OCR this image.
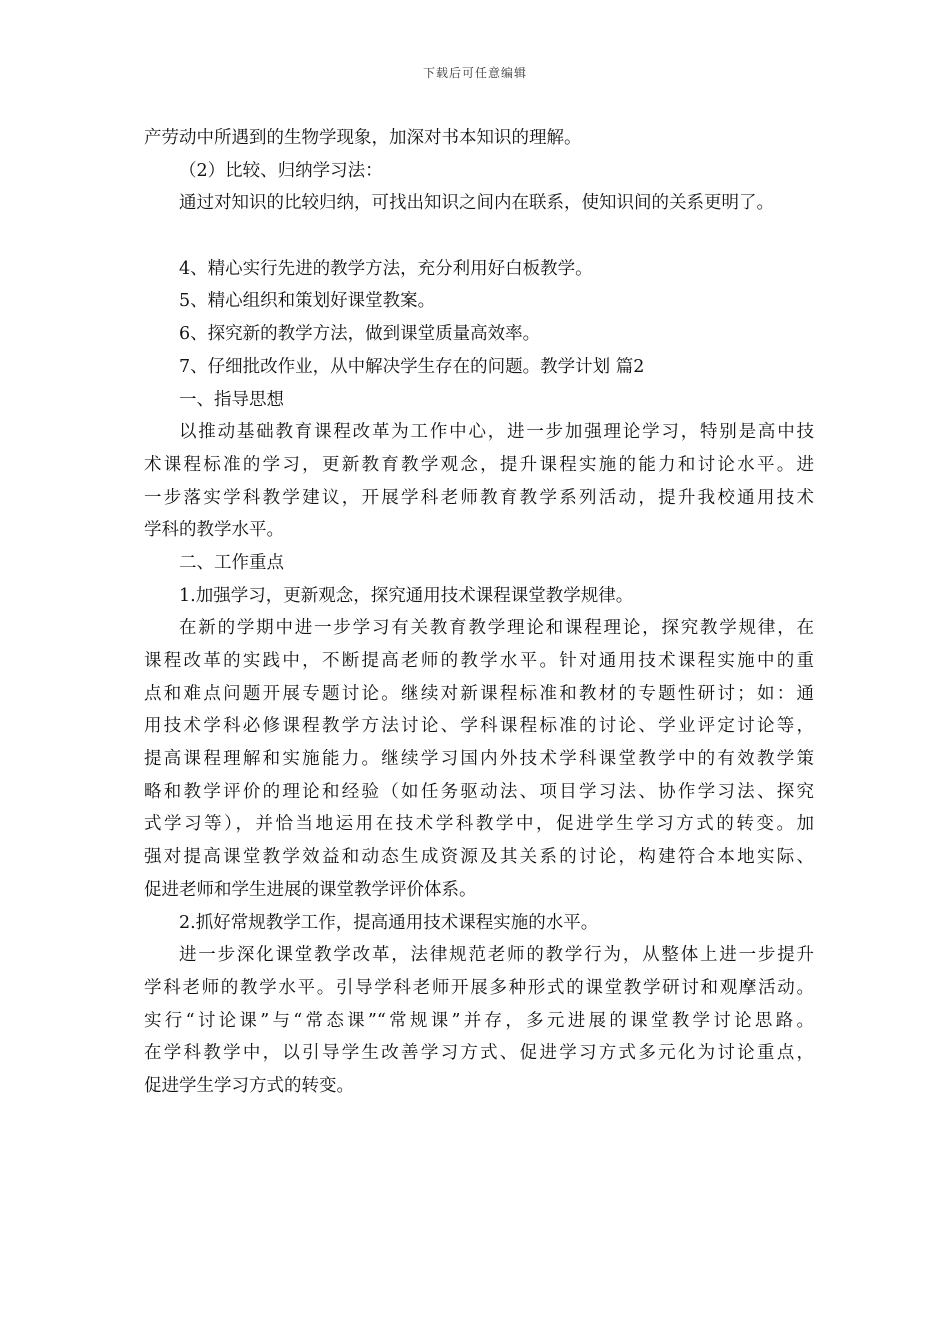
下载后可任意编辑
产劳动中所遇到的生物学现象，加深对书本知识的理解。
（2）比较、归纳学习法：
通过对知识的比较归纳，可找出知识之间内在联系，使知识间的关系更明了。
4、精心实行先进的教学方法，充分利用好白板教学。
5、精心组织和策划好课堂教案。
6、探究新的教学方法，做到课堂质量高效率。
7、仔细批改作业，从中解决学生存在的问题。教学计划 篇2
一、指导思想
以推动基础教育课程改革为工作中心，进一步加强理论学习，特别是高中技
术课程标准的学习，更新教育教学观念，提升课程实施的能力和讨论水平。进
一步落实学科教学建议，开展学科老师教育教学系列活动，提升我校通用技术
学科的教学水平。
二、工作重点
1.加强学习，更新观念，探究通用技术课程课堂教学规律。
在新的学期中进一步学习有关教育教学理论和课程理论，探究教学规律，在
课程改革的实践中，不断提高老师的教学水平。针对通用技术课程实施中的重
点和难点问题开展专题讨论。继续对新课程标准和教材的专题性研讨；如：通
用技术学科必修课程教学方法讨论、学科课程标准的讨论、学业评定讨论等，
提高课程理解和实施能力。继续学习国内外技术学科课堂教学中的有效教学策
略和教学评价的理论和经验（如任务驱动法、项目学习法、协作学习法、探究
式学习等），并恰当地运用在技术学科教学中，促进学生学习方式的转变。加
强对提高课堂教学效益和动态生成资源及其关系的讨论，构建符合本地实际、
促进老师和学生进展的课堂教学评价体系。
2.抓好常规教学工作，提高通用技术课程实施的水平。
进一步深化课堂教学改革，法律规范老师的教学行为，从整体上进一步提升
学科老师的教学水平。引导学科老师开展多种形式的课堂教学研讨和观摩活动。
实行“讨论课”与“常态课”“常规课”并存，多元进展的课堂教学讨论思路。
在学科教学中，以引导学生改善学习方式、促进学习方式多元化为讨论重点，
促进学生学习方式的转变。
